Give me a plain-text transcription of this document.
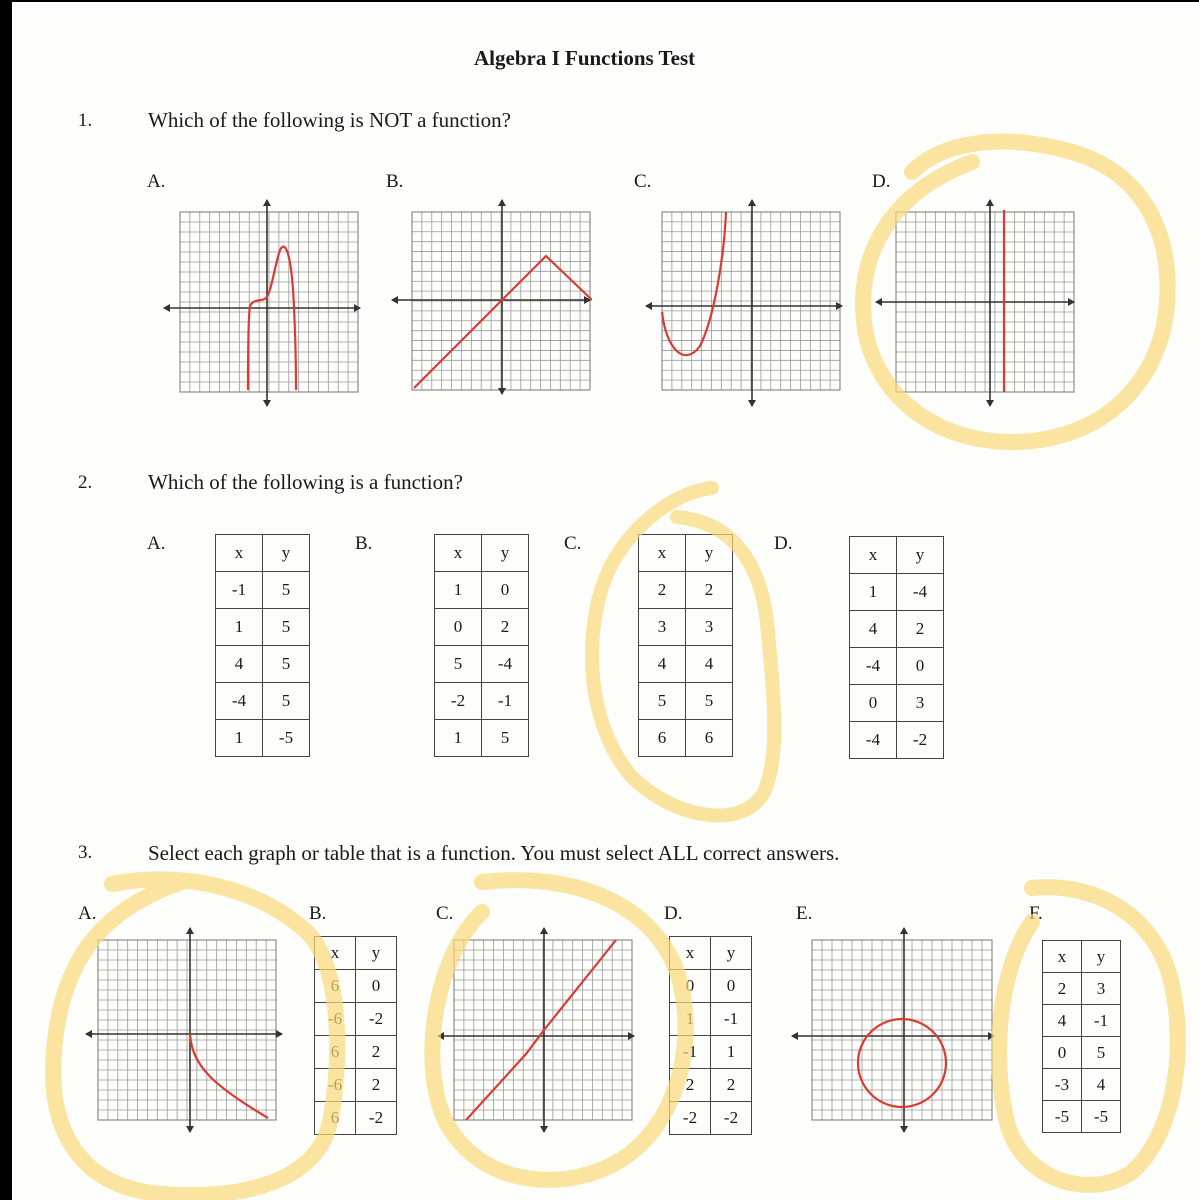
Algebra I Functions Test
1.	Which of the following is NOT a function?
A.	B.	C.	D.
2.	Which of the following is a function?
A.	B.	C.	D.
x	y
-1	5
1	5
4	5
-4	5
1	-5
x	y
1	0
0	2
5	-4
-2	-1
1	5
x	y
2	2
3	3
4	4
5	5
6	6
x	y
1	-4
4	2
-4	0
0	3
-4	-2
3.	Select each graph or table that is a function. You must select ALL correct answers.
A.	B.	C.	D.	E.	F.
x	y
6	0
-6	-2
6	2
-6	2
6	-2
x	y
0	0
1	-1
-1	1
2	2
-2	-2
x	y
2	3
4	-1
0	5
-3	4
-5	-5
